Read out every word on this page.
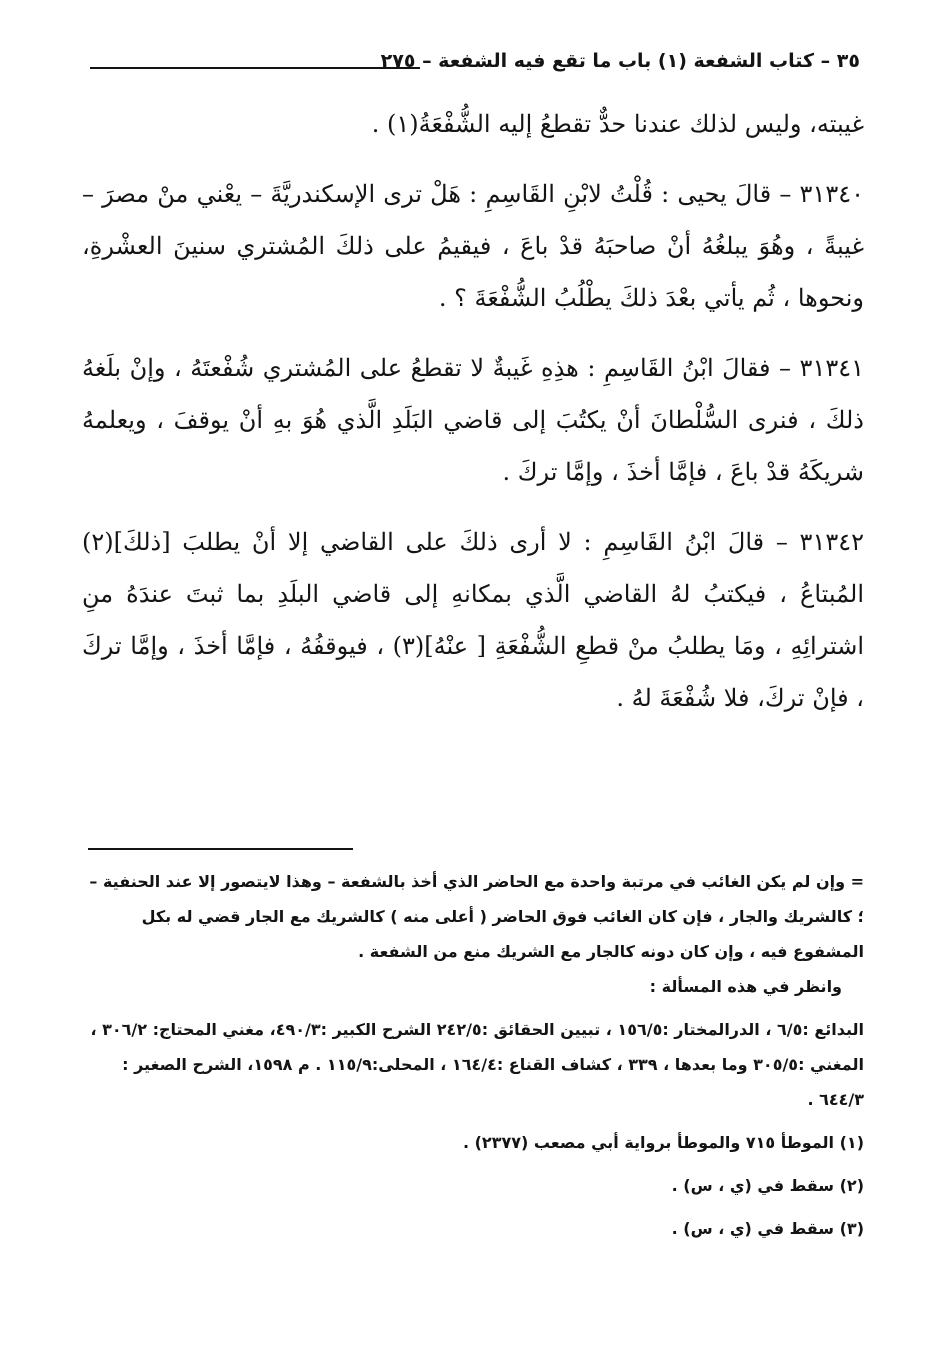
٣٥ – كتاب الشفعة (١) باب ما تقع فيه الشفعة – ٢٧٥

غيبته، وليس لذلك عندنا حدٌّ تقطعُ إليه الشُّفْعَةُ(١) .

٣١٣٤٠ – قالَ يحيى : قُلْتُ لابْنِ القَاسِمِ : هَلْ ترى الإسكندريَّةَ – يعْني منْ مصرَ – غيبةً ، وهُوَ يبلغُهُ أنْ صاحبَهُ قدْ باعَ ، فيقيمُ على ذلكَ المُشتري سنينَ العشْرةِ، ونحوها ، ثُم يأتي بعْدَ ذلكَ يطْلُبُ الشُّفْعَةَ ؟ .

٣١٣٤١ – فقالَ ابْنُ القَاسِمِ : هذِهِ غَيبةٌ لا تقطعُ على المُشتري شُفْعتَهُ ، وإنْ بلَغهُ ذلكَ ، فنرى السُّلْطانَ أنْ يكتُبَ إلى قاضي البَلَدِ الَّذي هُوَ بهِ أنْ يوقفَ ، ويعلمهُ شريكَهُ قدْ باعَ ، فإمَّا أخذَ ، وإمَّا تركَ .

٣١٣٤٢ – قالَ ابْنُ القَاسِمِ : لا أرى ذلكَ على القاضي إلا أنْ يطلبَ [ذلكَ](٢) المُبتاعُ ، فيكتبُ لهُ القاضي الَّذي بمكانهِ إلى قاضي البلَدِ بما ثبتَ عندَهُ منِ اشترائِهِ ، ومَا يطلبُ منْ قطعِ الشُّفْعَةِ [ عنْهُ](٣) ، فيوقفُهُ ، فإمَّا أخذَ ، وإمَّا تركَ ، فإنْ تركَ، فلا شُفْعَةَ لهُ .

= وإن لم يكن الغائب في مرتبة واحدة مع الحاضر الذي أخذ بالشفعة – وهذا لايتصور إلا عند الحنفية – ؛ كالشريك والجار ، فإن كان الغائب فوق الحاضر ( أعلى منه ) كالشريك مع الجار قضي له بكل المشفوع فيه ، وإن كان دونه كالجار مع الشريك منع من الشفعة .

وانظر في هذه المسألة :

البدائع :٦/٥ ، الدرالمختار :١٥٦/٥ ، تبيين الحقائق :٢٤٢/٥ الشرح الكبير :٤٩٠/٣، مغني المحتاج: ٣٠٦/٢ ، المغني :٣٠٥/٥ وما بعدها ، ٣٣٩ ، كشاف القناع :١٦٤/٤ ، المحلى:١١٥/٩ . م ١٥٩٨، الشرح الصغير : ٦٤٤/٣ .

(١) الموطأ ٧١٥ والموطأ برواية أبي مصعب (٢٣٧٧) .

(٢) سقط في (ي ، س) .

(٣) سقط في (ي ، س) .
